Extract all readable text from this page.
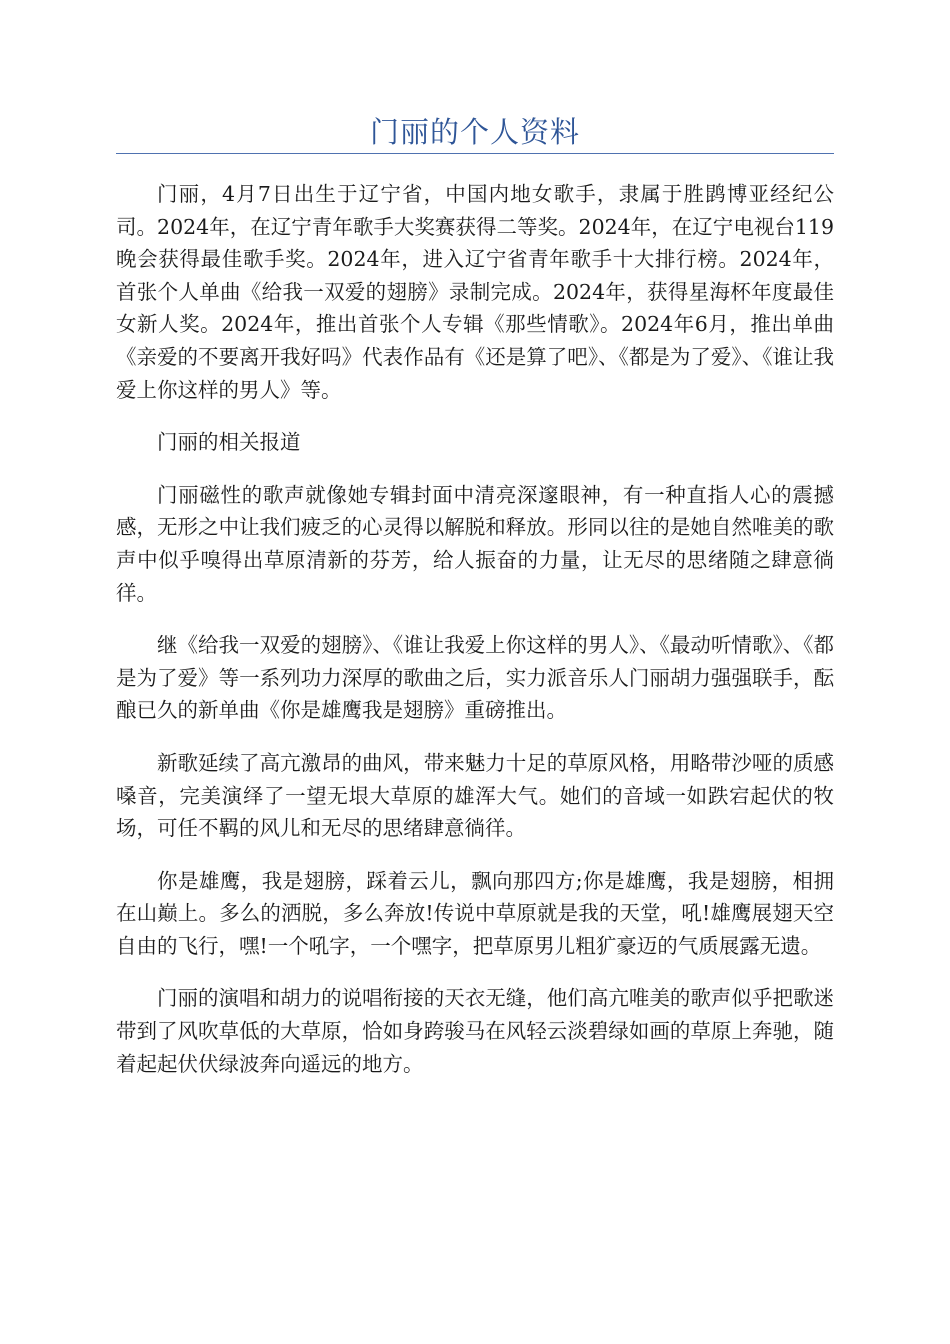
门丽的个人资料

门丽，4月7日出生于辽宁省，中国内地女歌手，隶属于胜鹍博亚经纪公司。2024年，在辽宁青年歌手大奖赛获得二等奖。2024年，在辽宁电视台119晚会获得最佳歌手奖。2024年，进入辽宁省青年歌手十大排行榜。2024年，首张个人单曲《给我一双爱的翅膀》录制完成。2024年，获得星海杯年度最佳女新人奖。2024年，推出首张个人专辑《那些情歌》。2024年6月，推出单曲《亲爱的不要离开我好吗》代表作品有《还是算了吧》、《都是为了爱》、《谁让我爱上你这样的男人》等。

门丽的相关报道

门丽磁性的歌声就像她专辑封面中清亮深邃眼神，有一种直指人心的震撼感，无形之中让我们疲乏的心灵得以解脱和释放。形同以往的是她自然唯美的歌声中似乎嗅得出草原清新的芬芳，给人振奋的力量，让无尽的思绪随之肆意徜徉。

继《给我一双爱的翅膀》、《谁让我爱上你这样的男人》、《最动听情歌》、《都是为了爱》等一系列功力深厚的歌曲之后，实力派音乐人门丽胡力强强联手，酝酿已久的新单曲《你是雄鹰我是翅膀》重磅推出。

新歌延续了高亢激昂的曲风，带来魅力十足的草原风格，用略带沙哑的质感嗓音，完美演绎了一望无垠大草原的雄浑大气。她们的音域一如跌宕起伏的牧场，可任不羁的风儿和无尽的思绪肆意徜徉。

你是雄鹰，我是翅膀，踩着云儿，飘向那四方;你是雄鹰，我是翅膀，相拥在山巅上。多么的洒脱，多么奔放!传说中草原就是我的天堂，吼!雄鹰展翅天空自由的飞行，嘿!一个吼字，一个嘿字，把草原男儿粗犷豪迈的气质展露无遗。

门丽的演唱和胡力的说唱衔接的天衣无缝，他们高亢唯美的歌声似乎把歌迷带到了风吹草低的大草原，恰如身跨骏马在风轻云淡碧绿如画的草原上奔驰，随着起起伏伏绿波奔向遥远的地方。
